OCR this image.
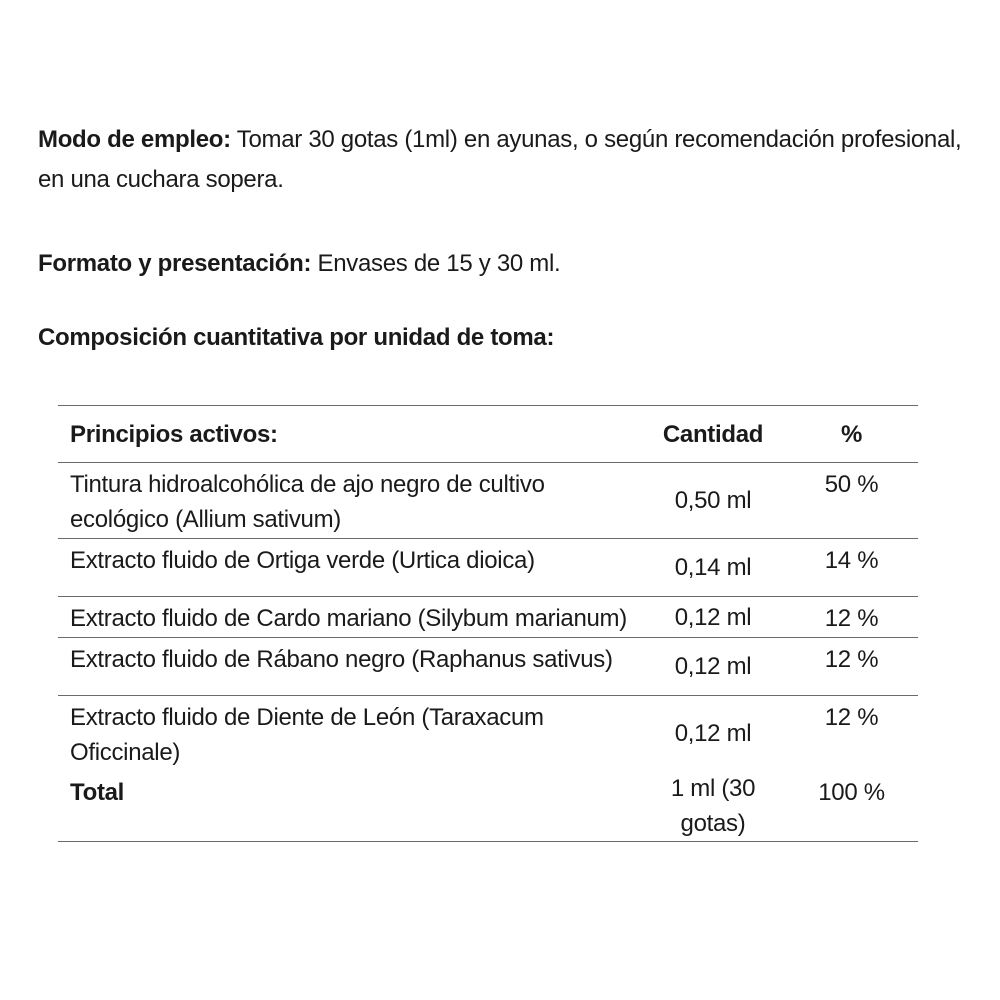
Modo de empleo: Tomar 30 gotas (1ml) en ayunas, o según recomendación profesional, en una cuchara sopera.
Formato y presentación: Envases de 15 y 30 ml.
Composición cuantitativa por unidad de toma:
Principios activos:	Cantidad	%
Tintura hidroalcohólica de ajo negro de cultivo ecológico (Allium sativum)	0,50 ml	50 %
Extracto fluido de Ortiga verde (Urtica dioica)	0,14 ml	14 %
Extracto fluido de Cardo mariano (Silybum marianum)	0,12 ml	12 %
Extracto fluido de Rábano negro (Raphanus sativus)	0,12 ml	12 %
Extracto fluido de Diente de León (Taraxacum Oficcinale)	0,12 ml	12 %
Total	1 ml (30 gotas)	100 %
